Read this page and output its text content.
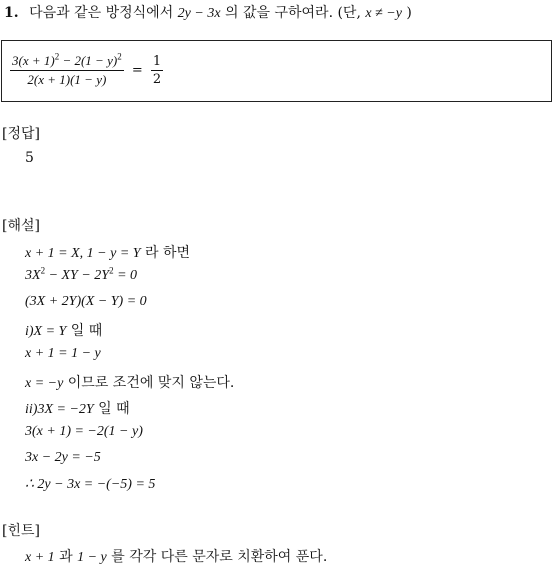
1. 다음과 같은 방정식에서 2y − 3x 의 값을 구하여라. (단, x ≠ −y )
$\frac{3(x + 1)^2 - 2(1 - y)^2}{2(x + 1)(1 - y)} = \frac{1}{2}$
[정답]
5
[해설]
x + 1 = X, 1 − y = Y 라 하면
$3X^2$ − XY − $2Y^2 = 0$
(3X + 2Y)(X − Y) = 0
i)X = Y 일 때
x + 1 = 1 − y
x = −y 이므로 조건에 맞지 않는다.
ii)3X = −2Y 일 때
3(x + 1) = −2(1 − y)
3x − 2y = −5
∴ 2y − 3x = −(−5) = 5
[힌트]
x + 1 과 1 − y 를 각각 다른 문자로 치환하여 푼다.
